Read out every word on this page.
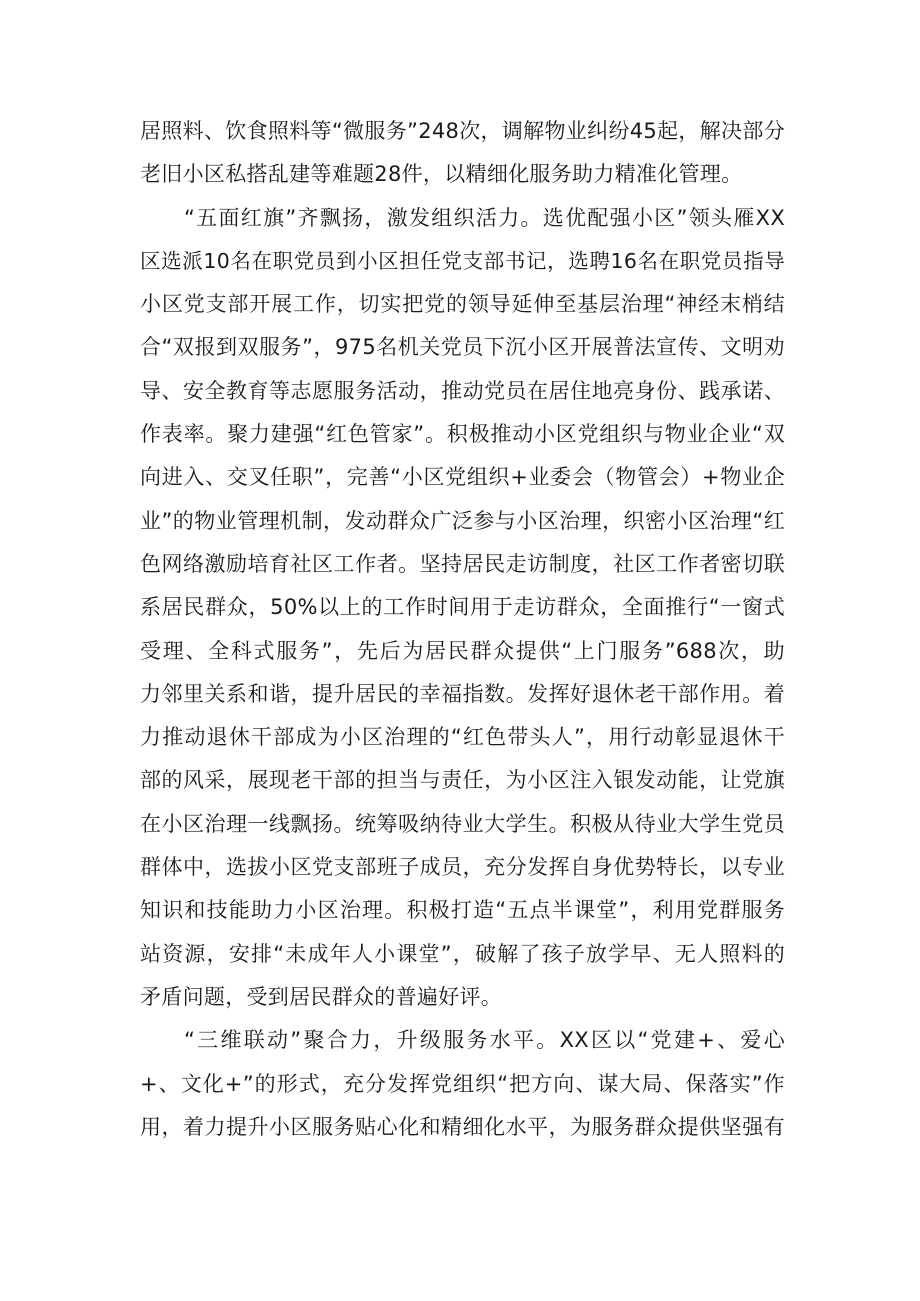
居照料、饮食照料等“微服务”248次，调解物业纠纷45起，解决部分
老旧小区私搭乱建等难题28件，以精细化服务助力精准化管理。
“五面红旗”齐飘扬，激发组织活力。选优配强小区”领头雁XX
区选派10名在职党员到小区担任党支部书记，选聘16名在职党员指导
小区党支部开展工作，切实把党的领导延伸至基层治理“神经末梢结
合“双报到双服务”，975名机关党员下沉小区开展普法宣传、文明劝
导、安全教育等志愿服务活动，推动党员在居住地亮身份、践承诺、
作表率。聚力建强“红色管家”。积极推动小区党组织与物业企业“双
向进入、交叉任职”，完善“小区党组织+业委会（物管会）+物业企
业”的物业管理机制，发动群众广泛参与小区治理，织密小区治理“红
色网络激励培育社区工作者。坚持居民走访制度，社区工作者密切联
系居民群众，50%以上的工作时间用于走访群众，全面推行“一窗式
受理、全科式服务”，先后为居民群众提供“上门服务”688次，助
力邻里关系和谐，提升居民的幸福指数。发挥好退休老干部作用。着
力推动退休干部成为小区治理的“红色带头人”，用行动彰显退休干
部的风采，展现老干部的担当与责任，为小区注入银发动能，让党旗
在小区治理一线飘扬。统筹吸纳待业大学生。积极从待业大学生党员
群体中，选拔小区党支部班子成员，充分发挥自身优势特长，以专业
知识和技能助力小区治理。积极打造“五点半课堂”，利用党群服务
站资源，安排“未成年人小课堂”，破解了孩子放学早、无人照料的
矛盾问题，受到居民群众的普遍好评。
“三维联动”聚合力，升级服务水平。XX区以“党建+、爱心
+、文化+”的形式，充分发挥党组织“把方向、谋大局、保落实”作
用，着力提升小区服务贴心化和精细化水平，为服务群众提供坚强有
